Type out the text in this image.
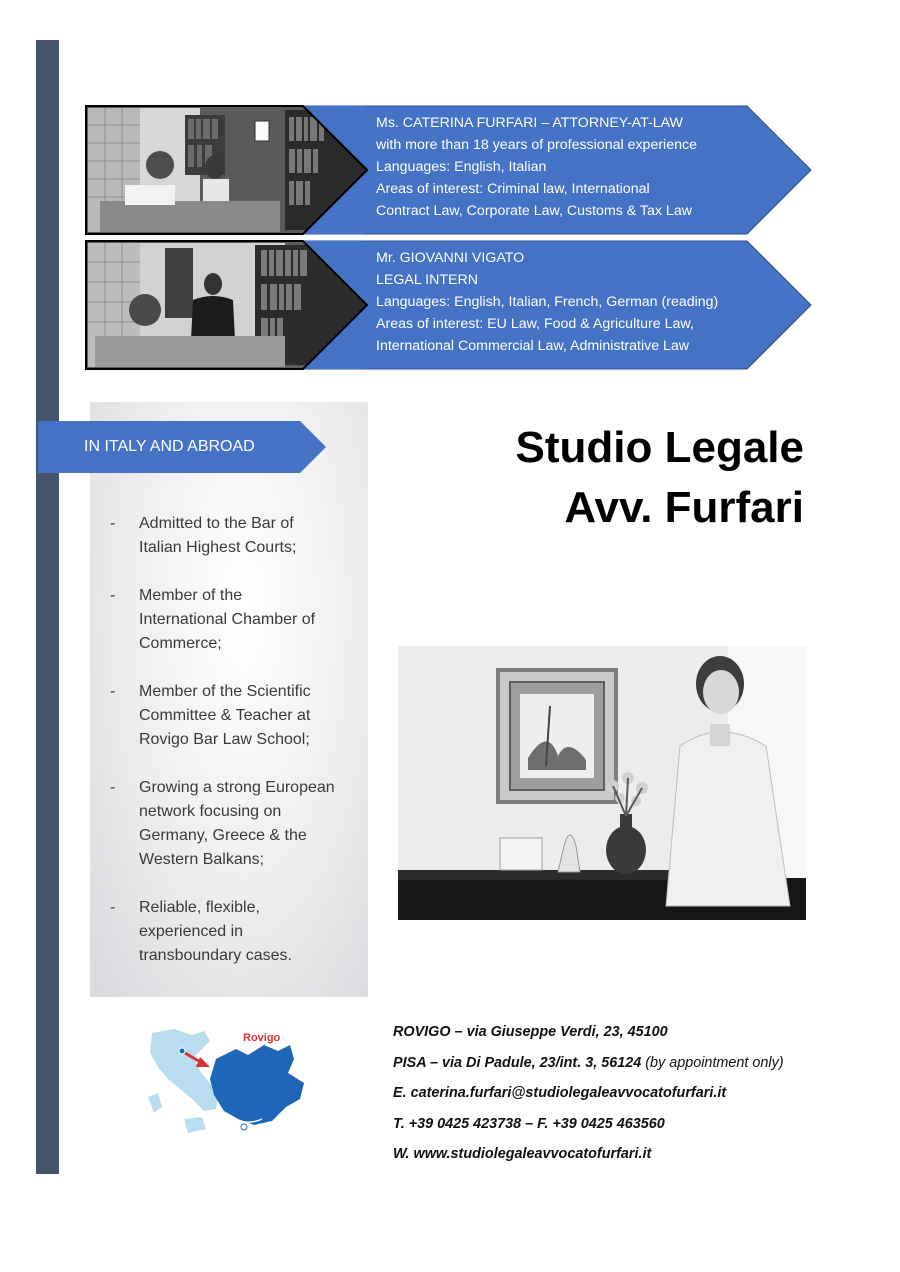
Ms. CATERINA FURFARI – ATTORNEY-AT-LAW
with more than 18 years of professional experience
Languages: English, Italian
Areas of interest: Criminal law, International
Contract Law, Corporate Law, Customs & Tax Law
Mr. GIOVANNI VIGATO
LEGAL INTERN
Languages: English, Italian, French, German (reading)
Areas of interest: EU Law, Food & Agriculture Law,
International Commercial Law, Administrative Law
IN ITALY AND ABROAD
- Admitted to the Bar of
Italian Highest Courts;
- Member of the
International Chamber of
Commerce;
- Member of the Scientific
Committee & Teacher at
Rovigo Bar Law School;
- Growing a strong European
network focusing on
Germany, Greece & the
Western Balkans;
- Reliable, flexible,
experienced in
transboundary cases.
Studio Legale
Avv. Furfari
Rovigo	ROVIGO – via Giuseppe Verdi, 23, 45100
PISA – via Di Padule, 23/int. 3, 56124 (by appointment only)
E. caterina.furfari@studiolegaleavvocatofurfari.it
T. +39 0425 423738 – F. +39 0425 463560
W. www.studiolegaleavvocatofurfari.it
